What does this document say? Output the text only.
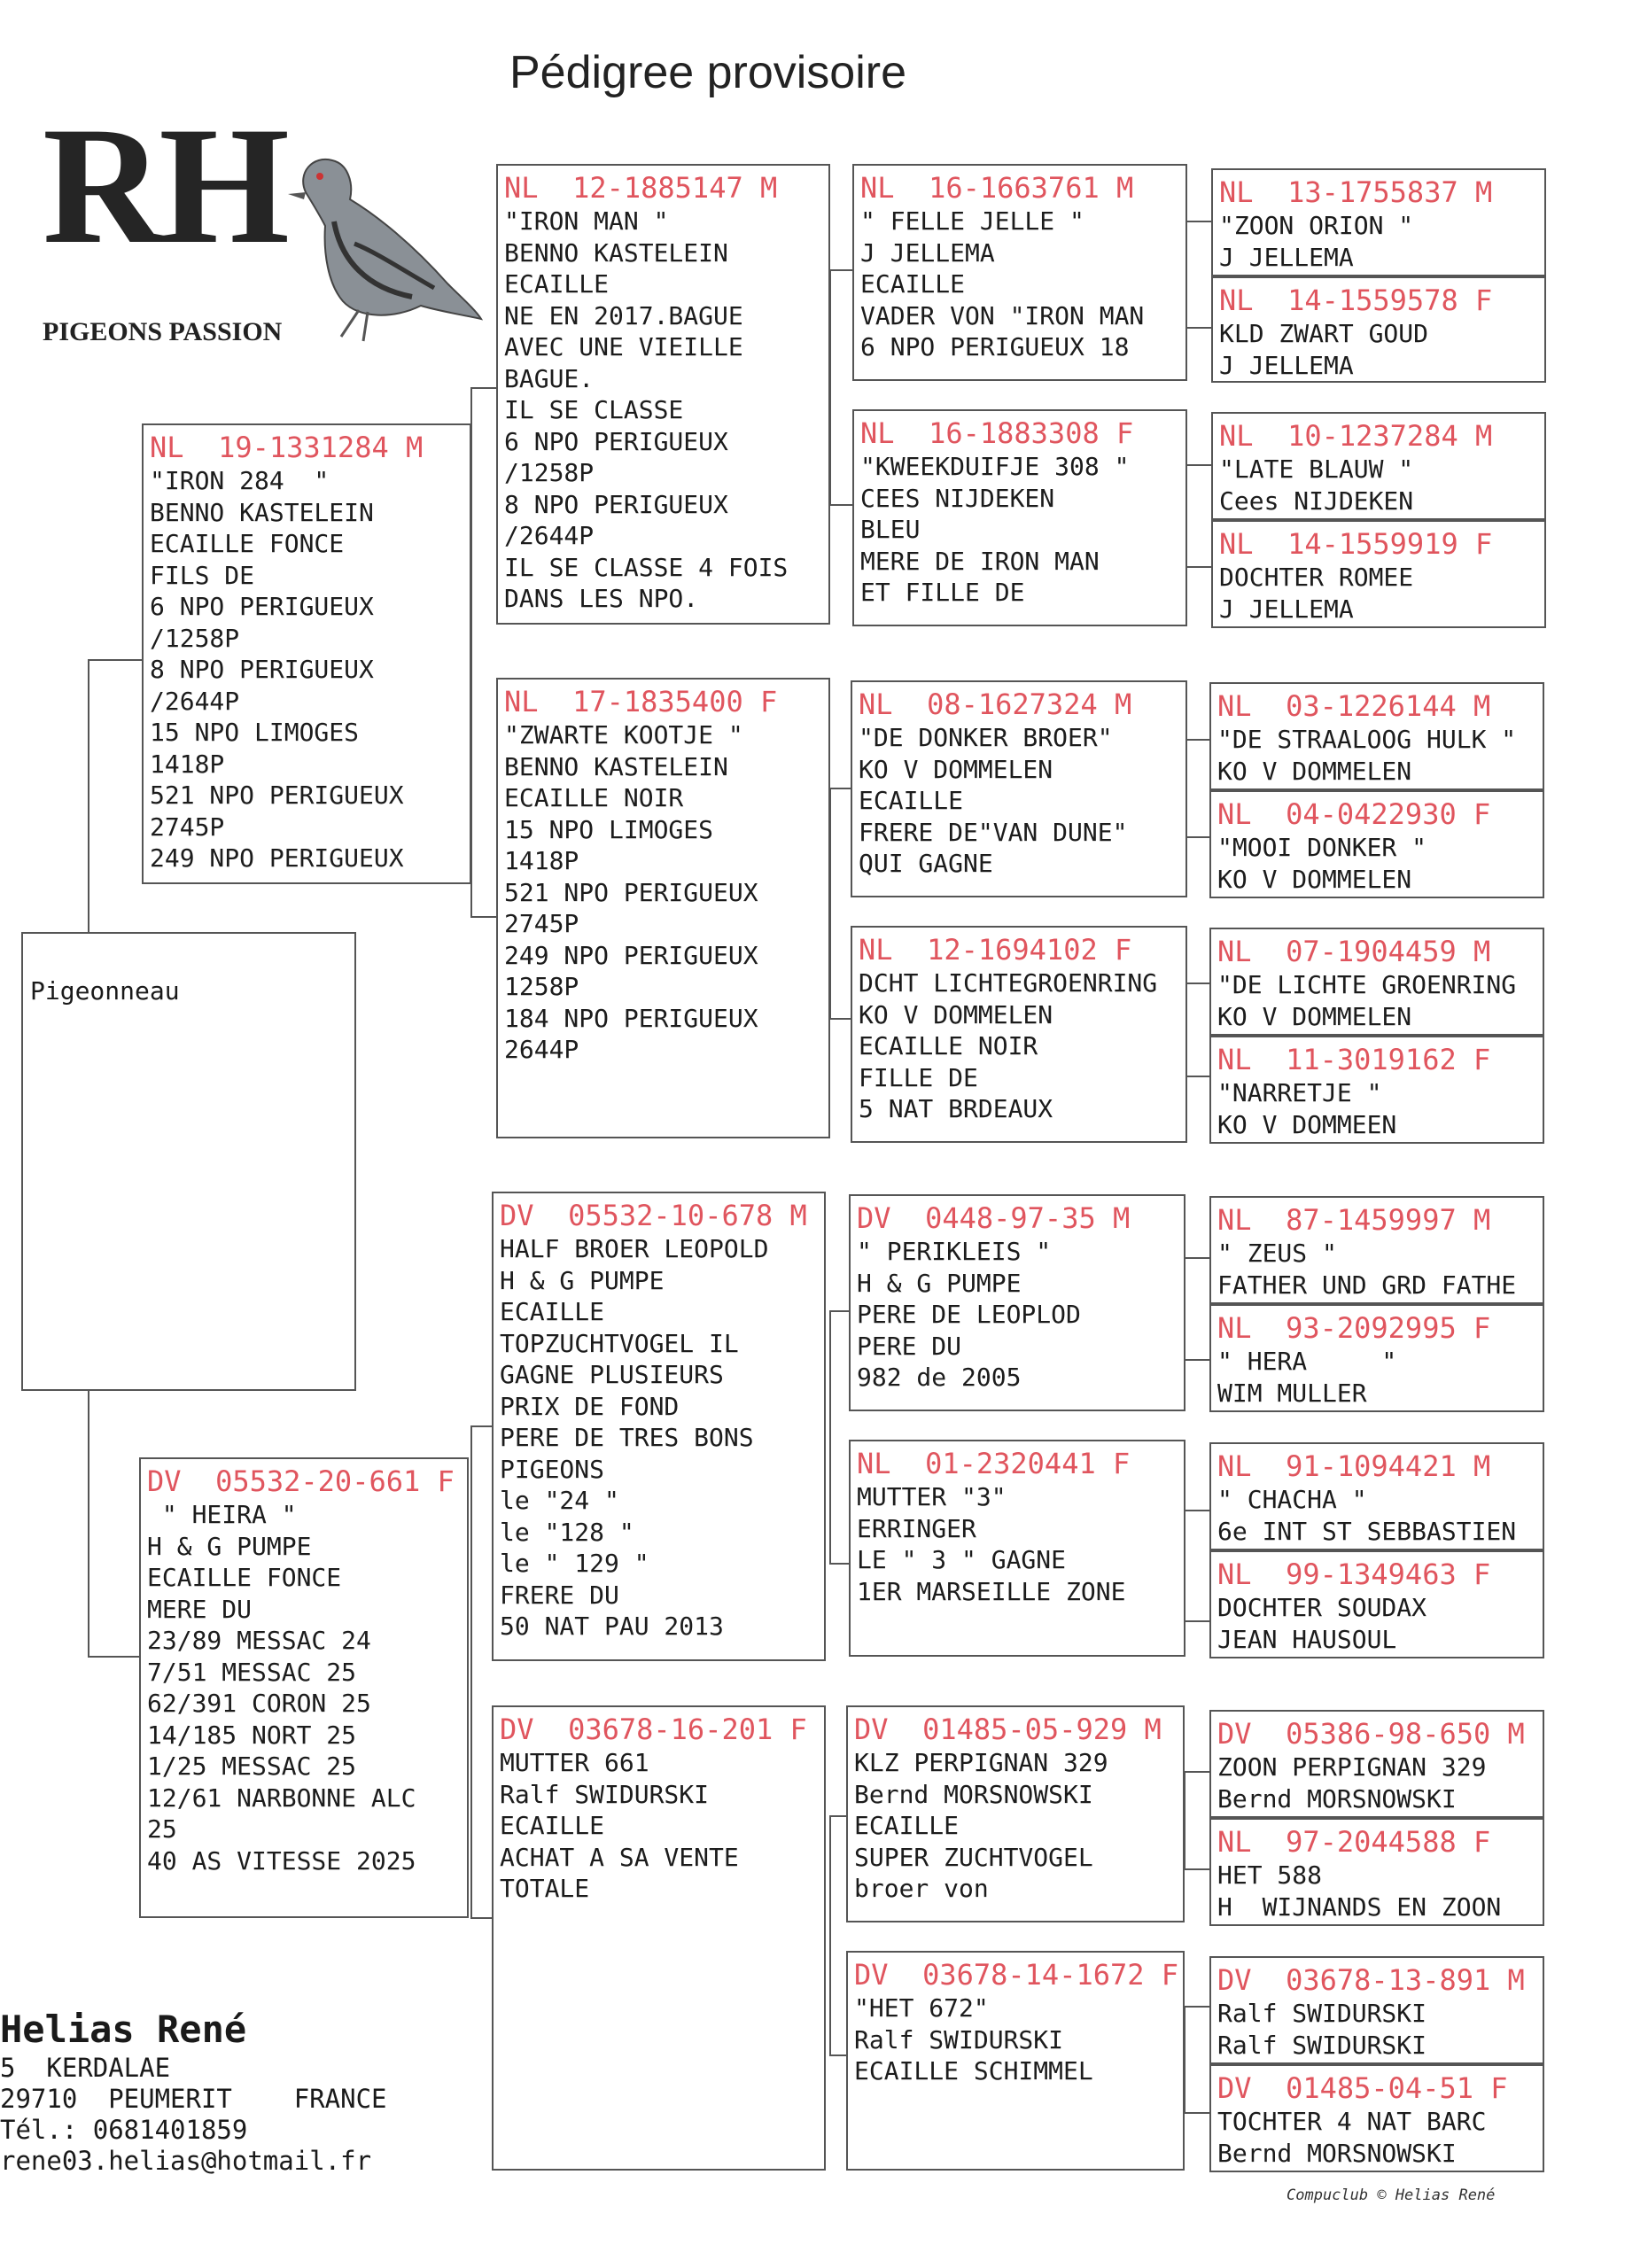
Pédigree provisoire
RH
PIGEONS PASSION
Pigeonneau
NL  19-1331284 M
"IRON 284  "
BENNO KASTELEIN
ECAILLE FONCE
FILS DE
6 NPO PERIGUEUX
/1258P
8 NPO PERIGUEUX
/2644P
15 NPO LIMOGES
1418P
521 NPO PERIGUEUX
2745P
249 NPO PERIGUEUX
DV  05532-20-661 F
" HEIRA "
H & G PUMPE
ECAILLE FONCE
MERE DU
23/89 MESSAC 24
7/51 MESSAC 25
62/391 CORON 25
14/185 NORT 25
1/25 MESSAC 25
12/61 NARBONNE ALC
25
40 AS VITESSE 2025
NL  12-1885147 M
"IRON MAN "
BENNO KASTELEIN
ECAILLE
NE EN 2017.BAGUE
AVEC UNE VIEILLE
BAGUE.
IL SE CLASSE
6 NPO PERIGUEUX
/1258P
8 NPO PERIGUEUX
/2644P
IL SE CLASSE 4 FOIS
DANS LES NPO.
NL  17-1835400 F
"ZWARTE KOOTJE "
BENNO KASTELEIN
ECAILLE NOIR
15 NPO LIMOGES
1418P
521 NPO PERIGUEUX
2745P
249 NPO PERIGUEUX
1258P
184 NPO PERIGUEUX
2644P
DV  05532-10-678 M
HALF BROER LEOPOLD
H & G PUMPE
ECAILLE
TOPZUCHTVOGEL IL
GAGNE PLUSIEURS
PRIX DE FOND
PERE DE TRES BONS
PIGEONS
le "24 "
le "128 "
le " 129 "
FRERE DU
50 NAT PAU 2013
DV  03678-16-201 F
MUTTER 661
Ralf SWIDURSKI
ECAILLE
ACHAT A SA VENTE
TOTALE
NL  16-1663761 M
" FELLE JELLE "
J JELLEMA
ECAILLE
VADER VON "IRON MAN
6 NPO PERIGUEUX 18
NL  16-1883308 F
"KWEEKDUIFJE 308 "
CEES NIJDEKEN
BLEU
MERE DE IRON MAN
ET FILLE DE
NL  08-1627324 M
"DE DONKER BROER"
KO V DOMMELEN
ECAILLE
FRERE DE"VAN DUNE"
QUI GAGNE
NL  12-1694102 F
DCHT LICHTEGROENRING
KO V DOMMELEN
ECAILLE NOIR
FILLE DE
5 NAT BRDEAUX
DV  0448-97-35 M
" PERIKLEIS "
H & G PUMPE
PERE DE LEOPLOD
PERE DU
982 de 2005
NL  01-2320441 F
MUTTER "3"
ERRINGER
LE " 3 " GAGNE
1ER MARSEILLE ZONE
DV  01485-05-929 M
KLZ PERPIGNAN 329
Bernd MORSNOWSKI
ECAILLE
SUPER ZUCHTVOGEL
broer von
DV  03678-14-1672 F
"HET 672"
Ralf SWIDURSKI
ECAILLE SCHIMMEL
NL  13-1755837 M
"ZOON ORION "
J JELLEMA
NL  14-1559578 F
KLD ZWART GOUD
J JELLEMA
NL  10-1237284 M
"LATE BLAUW "
Cees NIJDEKEN
NL  14-1559919 F
DOCHTER ROMEE
J JELLEMA
NL  03-1226144 M
"DE STRAALOOG HULK "
KO V DOMMELEN
NL  04-0422930 F
"MOOI DONKER "
KO V DOMMELEN
NL  07-1904459 M
"DE LICHTE GROENRING
KO V DOMMELEN
NL  11-3019162 F
"NARRETJE "
KO V DOMMEEN
NL  87-1459997 M
" ZEUS "
FATHER UND GRD FATHE
NL  93-2092995 F
" HERA     "
WIM MULLER
NL  91-1094421 M
" CHACHA "
6e INT ST SEBBASTIEN
NL  99-1349463 F
DOCHTER SOUDAX
JEAN HAUSOUL
DV  05386-98-650 M
ZOON PERPIGNAN 329
Bernd MORSNOWSKI
NL  97-2044588 F
HET 588
H  WIJNANDS EN ZOON
DV  03678-13-891 M
Ralf SWIDURSKI
Ralf SWIDURSKI
DV  01485-04-51 F
TOCHTER 4 NAT BARC
Bernd MORSNOWSKI
Helias René
5  KERDALAE
29710  PEUMERIT    FRANCE
Tél.: 0681401859
rene03.helias@hotmail.fr
Compuclub © Helias René
